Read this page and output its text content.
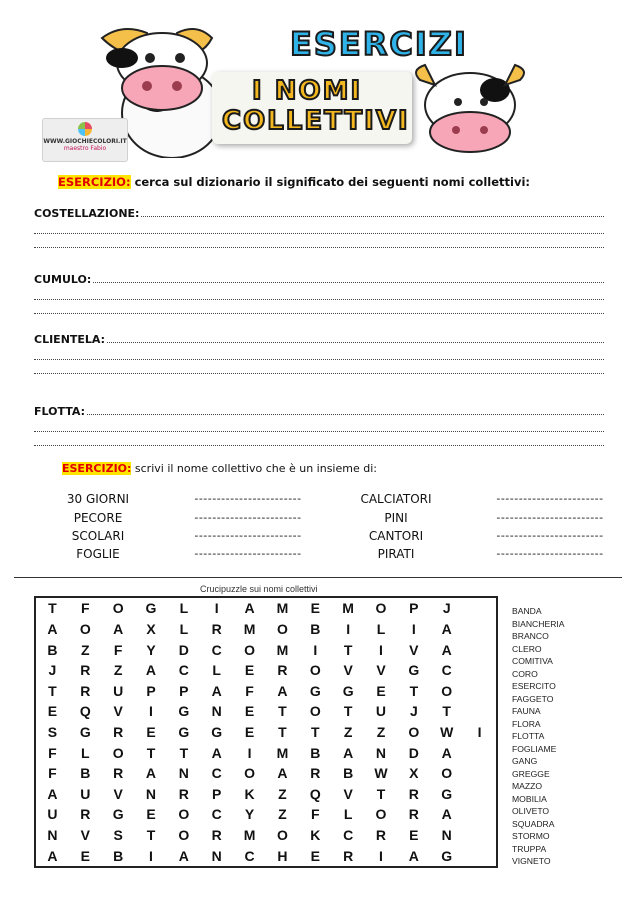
ESERCIZI
I NOMI
COLLETTIVI
WWW.GIOCHIECOLORI.IT
maestro Fabio
ESERCIZIO: cerca sul dizionario il significato dei seguenti nomi collettivi:
COSTELLAZIONE:
CUMULO:
CLIENTELA:
FLOTTA:
ESERCIZIO: scrivi il nome collettivo che è un insieme di:
30 GIORNI	------------------------	CALCIATORI	------------------------
PECORE	------------------------	PINI	------------------------
SCOLARI	------------------------	CANTORI	------------------------
FOGLIE	------------------------	PIRATI	------------------------
Crucipuzzle sui nomi collettivi
T	F	O	G	L	I	A	M	E	M	O	P	J
A	O	A	X	L	R	M	O	B	I	L	I	A
B	Z	F	Y	D	C	O	M	I	T	I	V	A
J	R	Z	A	C	L	E	R	O	V	V	G	C
T	R	U	P	P	A	F	A	G	G	E	T	O
E	Q	V	I	G	N	E	T	O	T	U	J	T
S	G	R	E	G	G	E	T	T	Z	Z	O	W	I
F	L	O	T	T	A	I	M	B	A	N	D	A
F	B	R	A	N	C	O	A	R	B	W	X	O
A	U	V	N	R	P	K	Z	Q	V	T	R	G
U	R	G	E	O	C	Y	Z	F	L	O	R	A
N	V	S	T	O	R	M	O	K	C	R	E	N
A	E	B	I	A	N	C	H	E	R	I	A	G
BANDA
BIANCHERIA
BRANCO
CLERO
COMITIVA
CORO
ESERCITO
FAGGETO
FAUNA
FLORA
FLOTTA
FOGLIAME
GANG
GREGGE
MAZZO
MOBILIA
OLIVETO
SQUADRA
STORMO
TRUPPA
VIGNETO
